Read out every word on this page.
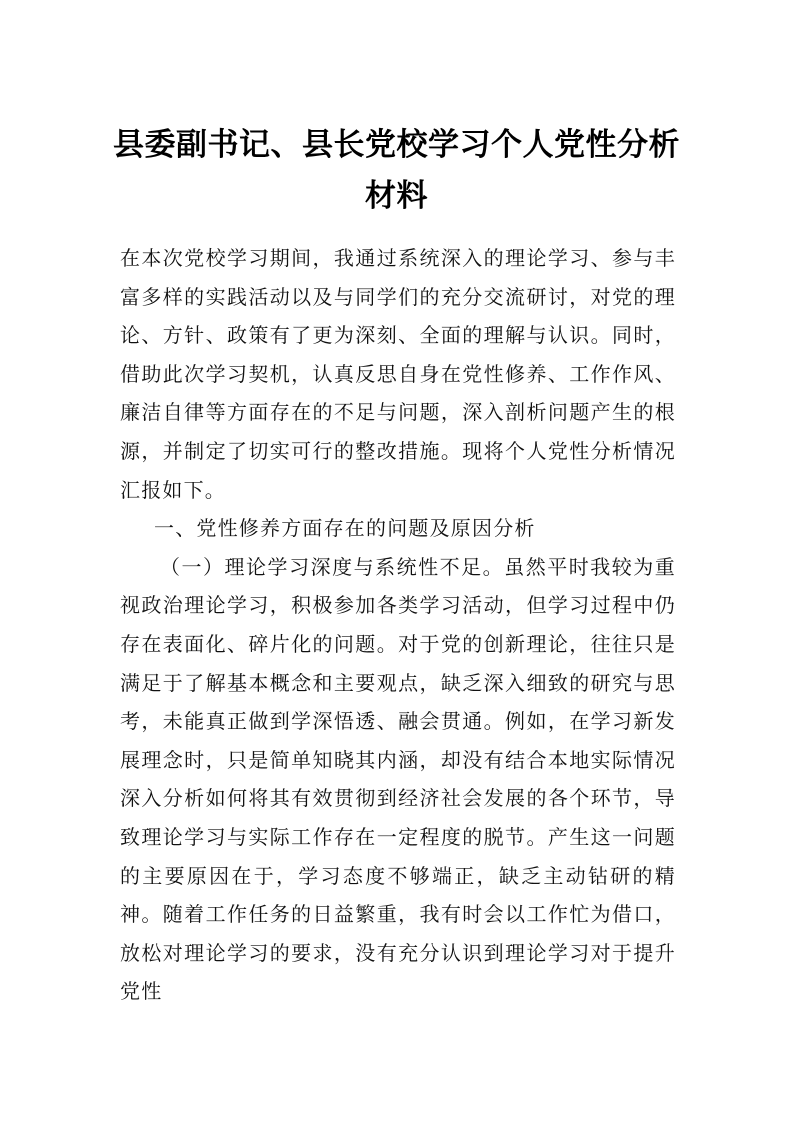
县委副书记、县长党校学习个人党性分析材料

在本次党校学习期间，我通过系统深入的理论学习、参与丰富多样的实践活动以及与同学们的充分交流研讨，对党的理论、方针、政策有了更为深刻、全面的理解与认识。同时，借助此次学习契机，认真反思自身在党性修养、工作作风、廉洁自律等方面存在的不足与问题，深入剖析问题产生的根源，并制定了切实可行的整改措施。现将个人党性分析情况汇报如下。

一、党性修养方面存在的问题及原因分析

（一）理论学习深度与系统性不足。虽然平时我较为重视政治理论学习，积极参加各类学习活动，但学习过程中仍存在表面化、碎片化的问题。对于党的创新理论，往往只是满足于了解基本概念和主要观点，缺乏深入细致的研究与思考，未能真正做到学深悟透、融会贯通。例如，在学习新发展理念时，只是简单知晓其内涵，却没有结合本地实际情况深入分析如何将其有效贯彻到经济社会发展的各个环节，导致理论学习与实际工作存在一定程度的脱节。产生这一问题的主要原因在于，学习态度不够端正，缺乏主动钻研的精神。随着工作任务的日益繁重，我有时会以工作忙为借口，放松对理论学习的要求，没有充分认识到理论学习对于提升党性
